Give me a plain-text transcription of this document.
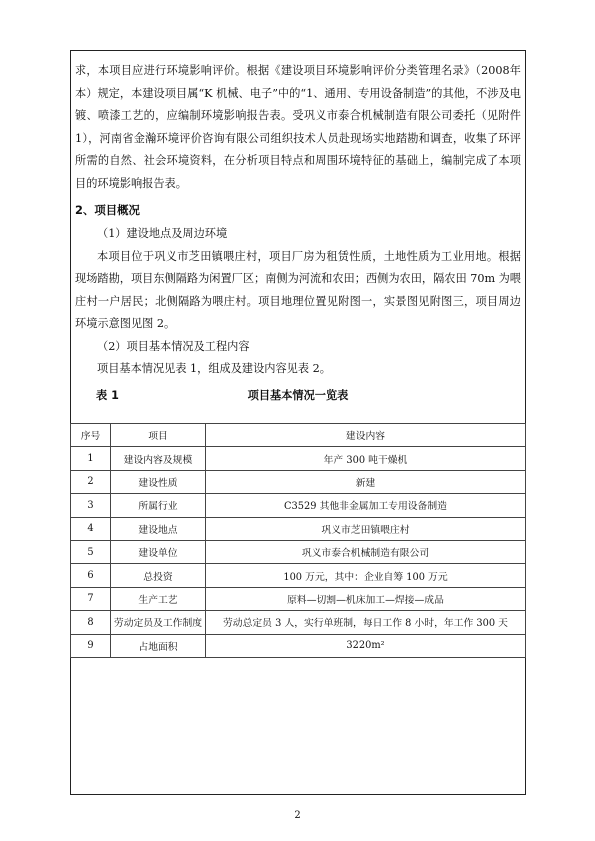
求，本项目应进行环境影响评价。根据《建设项目环境影响评价分类管理名录》（2008年本）规定，本建设项目属“K 机械、电子”中的“1、通用、专用设备制造”的其他，不涉及电镀、喷漆工艺的，应编制环境影响报告表。受巩义市泰合机械制造有限公司委托（见附件 1），河南省金瀚环境评价咨询有限公司组织技术人员赴现场实地踏勘和调查，收集了环评所需的自然、社会环境资料，在分析项目特点和周围环境特征的基础上，编制完成了本项目的环境影响报告表。

2、项目概况

（1）建设地点及周边环境

本项目位于巩义市芝田镇喂庄村，项目厂房为租赁性质，土地性质为工业用地。根据现场踏勘，项目东侧隔路为闲置厂区；南侧为河流和农田；西侧为农田，隔农田 70m 为喂庄村一户居民；北侧隔路为喂庄村。项目地理位置见附图一，实景图见附图三，项目周边环境示意图见图 2。

（2）项目基本情况及工程内容

项目基本情况见表 1，组成及建设内容见表 2。

表 1	项目基本情况一览表
序号	项目	建设内容
1	建设内容及规模	年产 300 吨干燥机
2	建设性质	新建
3	所属行业	C3529 其他非金属加工专用设备制造
4	建设地点	巩义市芝田镇喂庄村
5	建设单位	巩义市泰合机械制造有限公司
6	总投资	100 万元，其中：企业自筹 100 万元
7	生产工艺	原料—切割—机床加工—焊接—成品
8	劳动定员及工作制度	劳动总定员 3 人，实行单班制，每日工作 8 小时，年工作 300 天
9	占地面积	3220m²
2
